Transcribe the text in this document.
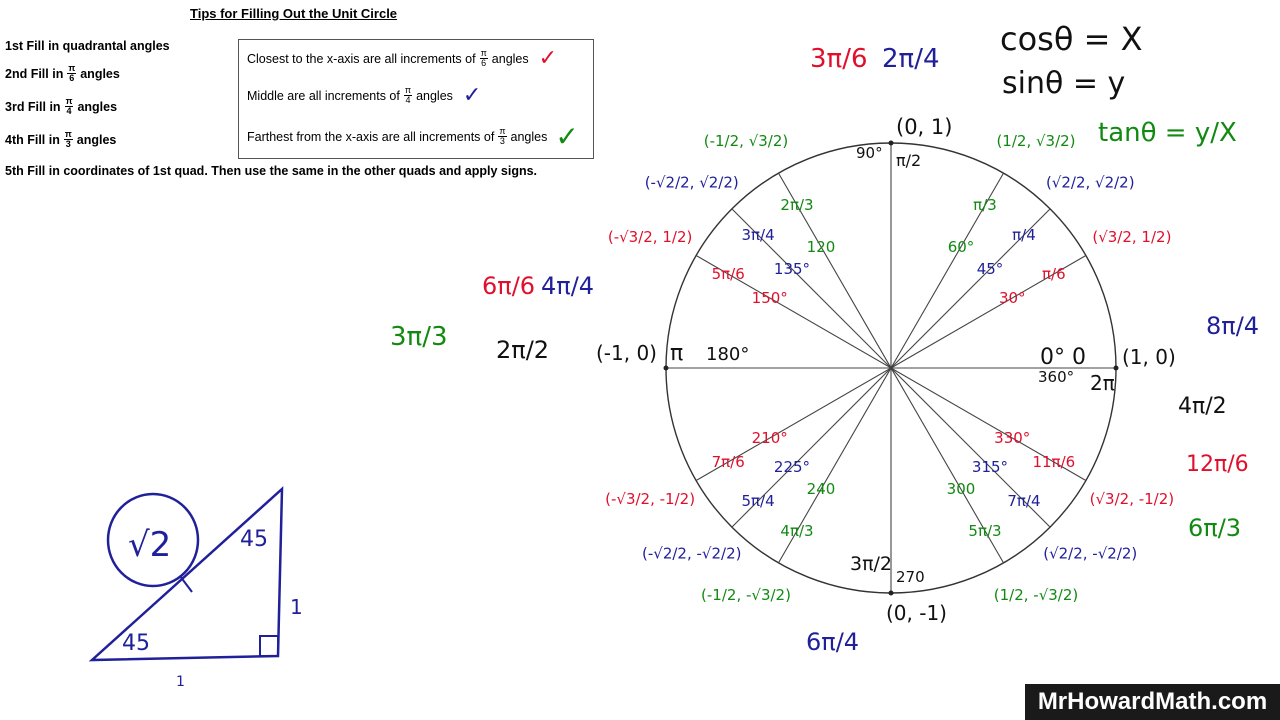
Tips for Filling Out the Unit Circle
1st Fill in quadrantal angles
2nd Fill in $\frac{\pi}{6}$ angles
3rd Fill in $\frac{\pi}{4}$ angles
4th Fill in $\frac{\pi}{3}$ angles
5th Fill in coordinates of 1st quad. Then use the same in the other quads and apply signs.
Closest to the x-axis are all increments of $\frac{\pi}{6}$ angles ✓
Middle are all increments of $\frac{\pi}{4}$ angles ✓
Farthest from the x-axis are all increments of $\frac{\pi}{3}$ angles ✓
cosθ = X
sinθ = y
tanθ = y/X
3π/6 2π/4
6π/6 4π/4
3π/3 2π/2
8π/4
4π/2
12π/6
6π/3
6π/4
30°
π/6
(√3/2, 1/2)
45°
π/4
(√2/2, √2/2)
60°
π/3
(1/2, √3/2)
120
2π/3
(-1/2, √3/2)
135°
3π/4
(-√2/2, √2/2)
150°
5π/6
(-√3/2, 1/2)
210°
7π/6
(-√3/2, -1/2)
225°
5π/4
(-√2/2, -√2/2)
240
4π/3
(-1/2, -√3/2)
300
5π/3
(1/2, -√3/2)
315°
7π/4
(√2/2, -√2/2)
330°
11π/6
(√3/2, -1/2)
(0, 1)
90° π/2
(-1, 0) π 180°	0° 0
360° 2π
(1, 0)
3π/2
270
(0, -1)
√2	45
45
1
1
MrHowardMath.com
